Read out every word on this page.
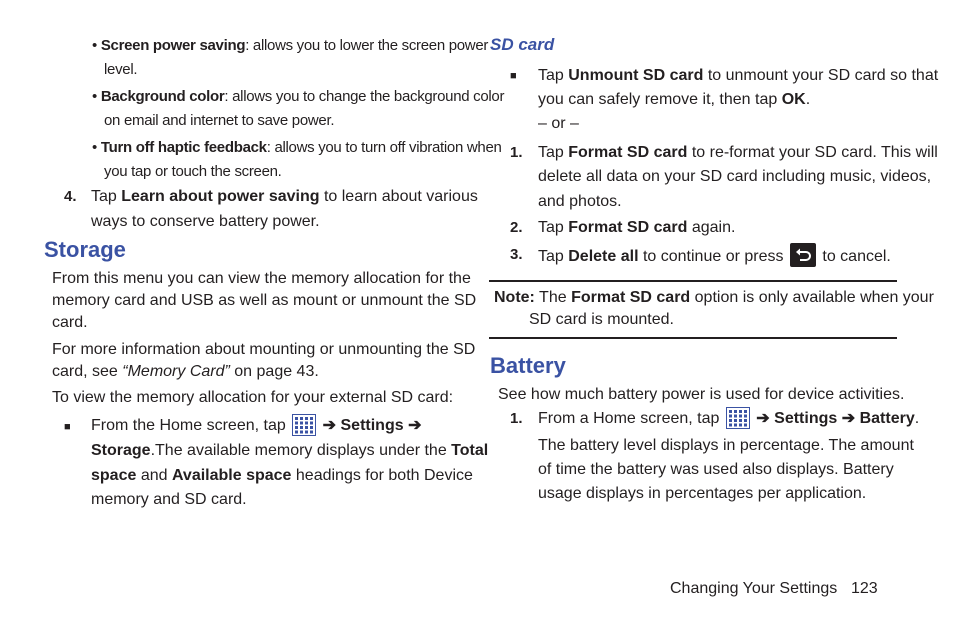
• Screen power saving: allows you to lower the screen power
level.
• Background color: allows you to change the background color
on email and internet to save power.
• Turn off haptic feedback: allows you to turn off vibration when
you tap or touch the screen.
4. Tap Learn about power saving to learn about various
ways to conserve battery power.
Storage
From this menu you can view the memory allocation for the
memory card and USB as well as mount or unmount the SD
card.
For more information about mounting or unmounting the SD
card, see “Memory Card” on page 43.
To view the memory allocation for your external SD card:
■ From the Home screen, tap  ➔ Settings ➔
Storage.The available memory displays under the Total
space and Available space headings for both Device
memory and SD card.
SD card
■ Tap Unmount SD card to unmount your SD card so that
you can safely remove it, then tap OK.
– or –
1. Tap Format SD card to re-format your SD card. This will
delete all data on your SD card including music, videos,
and photos.
2. Tap Format SD card again.
3. Tap Delete all to continue or press  to cancel.
Note: The Format SD card option is only available when your
SD card is mounted.
Battery
See how much battery power is used for device activities.
1. From a Home screen, tap  ➔ Settings ➔ Battery.
The battery level displays in percentage. The amount
of time the battery was used also displays. Battery
usage displays in percentages per application.
Changing Your Settings 123
